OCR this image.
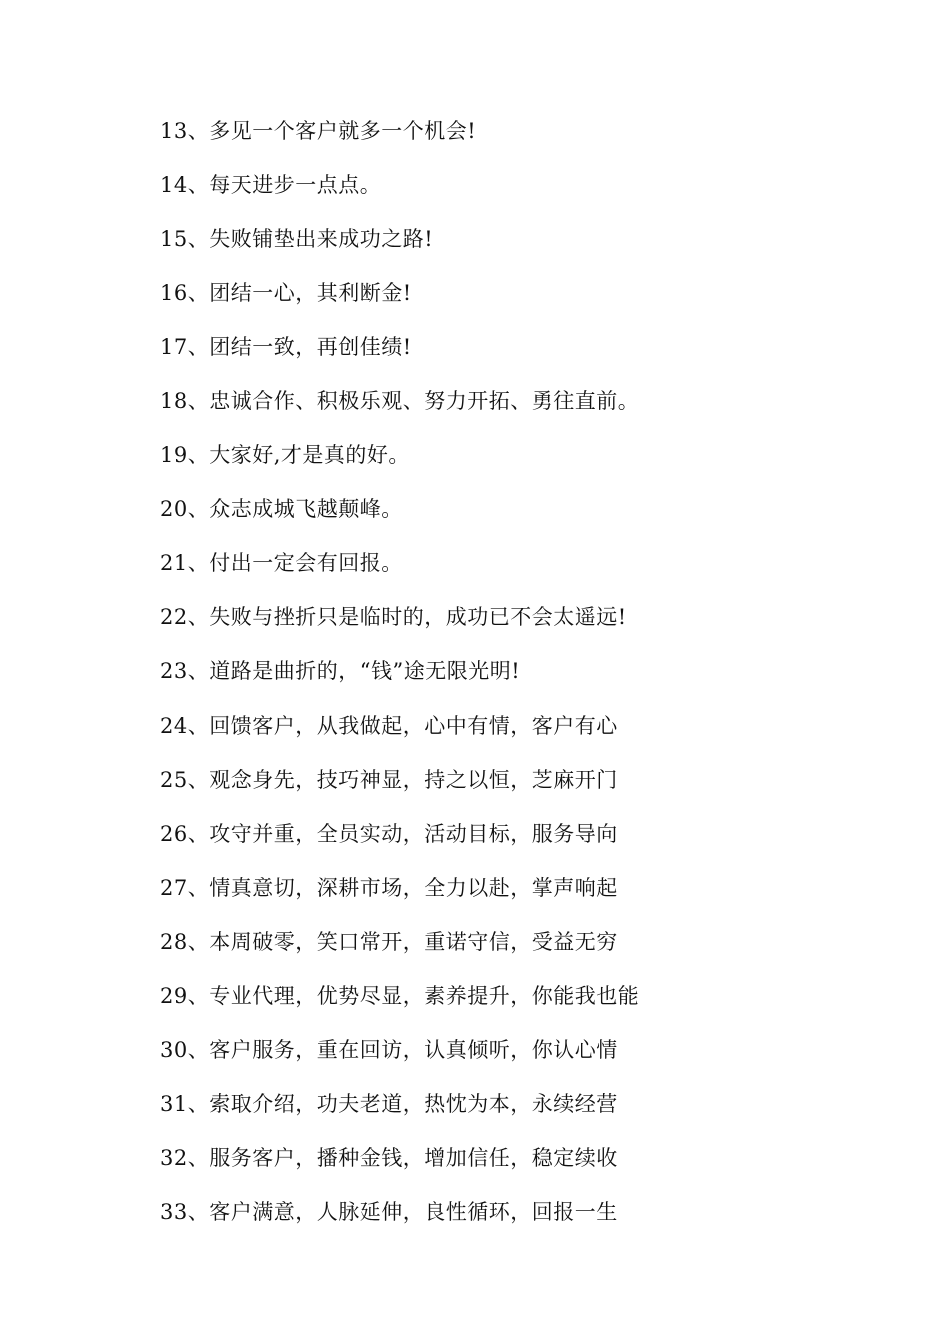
13、多见一个客户就多一个机会!
14、每天进步一点点。
15、失败铺垫出来成功之路!
16、团结一心，其利断金!
17、团结一致，再创佳绩!
18、忠诚合作、积极乐观、努力开拓、勇往直前。
19、大家好,才是真的好。
20、众志成城飞越颠峰。
21、付出一定会有回报。
22、失败与挫折只是临时的，成功已不会太遥远!
23、道路是曲折的，“钱”途无限光明!
24、回馈客户，从我做起，心中有情，客户有心
25、观念身先，技巧神显，持之以恒，芝麻开门
26、攻守并重，全员实动，活动目标，服务导向
27、情真意切，深耕市场，全力以赴，掌声响起
28、本周破零，笑口常开，重诺守信，受益无穷
29、专业代理，优势尽显，素养提升，你能我也能
30、客户服务，重在回访，认真倾听，你认心情
31、索取介绍，功夫老道，热忱为本，永续经营
32、服务客户，播种金钱，增加信任，稳定续收
33、客户满意，人脉延伸，良性循环，回报一生
